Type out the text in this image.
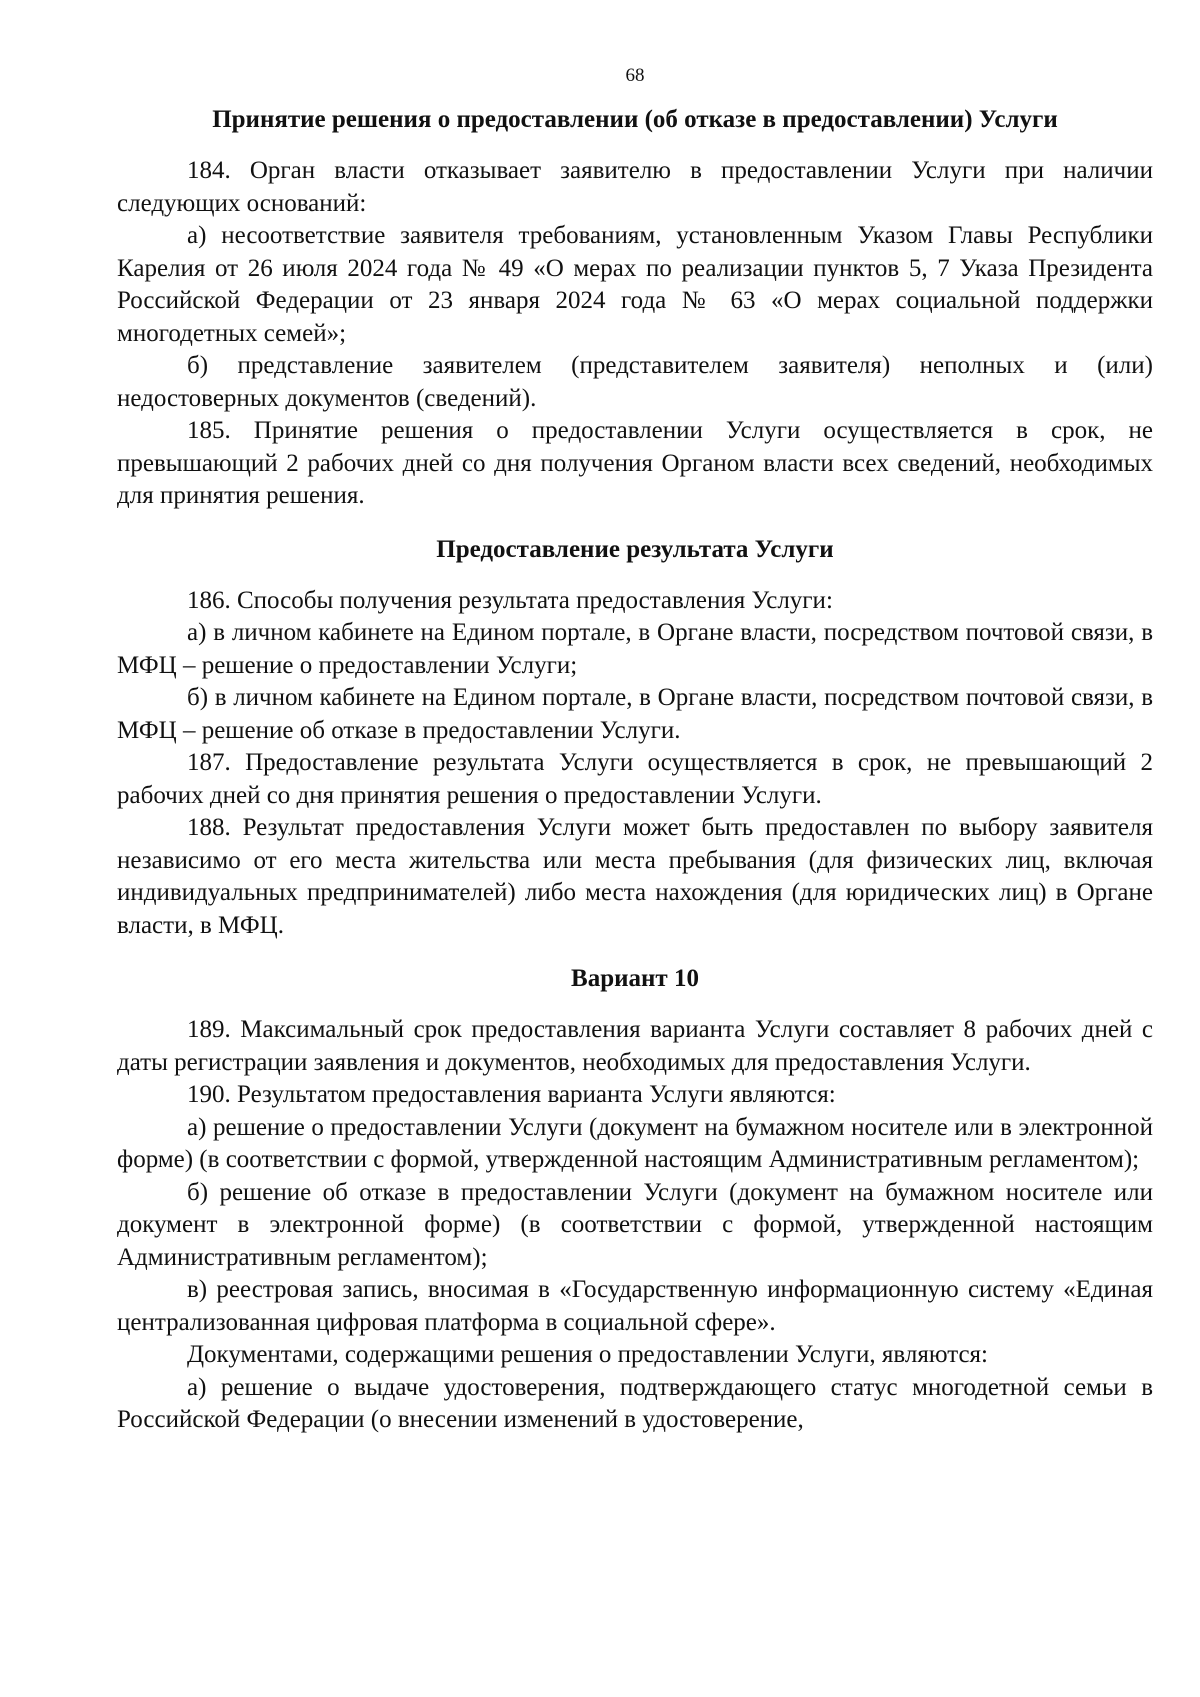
68
Принятие решения о предоставлении (об отказе в предоставлении) Услуги

184. Орган власти отказывает заявителю в предоставлении Услуги при наличии следующих оснований:

а) несоответствие заявителя требованиям, установленным Указом Главы Республики Карелия от 26 июля 2024 года № 49 «О мерах по реализации пунктов 5, 7 Указа Президента Российской Федерации от 23 января 2024 года № 63 «О мерах социальной поддержки многодетных семей»;

б) представление заявителем (представителем заявителя) неполных и (или) недостоверных документов (сведений).

185. Принятие решения о предоставлении Услуги осуществляется в срок, не превышающий 2 рабочих дней со дня получения Органом власти всех сведений, необходимых для принятия решения.

Предоставление результата Услуги

186. Способы получения результата предоставления Услуги:

а) в личном кабинете на Едином портале, в Органе власти, посредством почтовой связи, в МФЦ – решение о предоставлении Услуги;

б) в личном кабинете на Едином портале, в Органе власти, посредством почтовой связи, в МФЦ – решение об отказе в предоставлении Услуги.

187. Предоставление результата Услуги осуществляется в срок, не превышающий 2 рабочих дней со дня принятия решения о предоставлении Услуги.

188. Результат предоставления Услуги может быть предоставлен по выбору заявителя независимо от его места жительства или места пребывания (для физических лиц, включая индивидуальных предпринимателей) либо места нахождения (для юридических лиц) в Органе власти, в МФЦ.

Вариант 10

189. Максимальный срок предоставления варианта Услуги составляет 8 рабочих дней с даты регистрации заявления и документов, необходимых для предоставления Услуги.

190. Результатом предоставления варианта Услуги являются:

а) решение о предоставлении Услуги (документ на бумажном носителе или в электронной форме) (в соответствии с формой, утвержденной настоящим Административным регламентом);

б) решение об отказе в предоставлении Услуги (документ на бумажном носителе или документ в электронной форме) (в соответствии с формой, утвержденной настоящим Административным регламентом);

в) реестровая запись, вносимая в «Государственную информационную систему «Единая централизованная цифровая платформа в социальной сфере».

Документами, содержащими решения о предоставлении Услуги, являются:

а) решение о выдаче удостоверения, подтверждающего статус многодетной семьи в Российской Федерации (о внесении изменений в удостоверение,
